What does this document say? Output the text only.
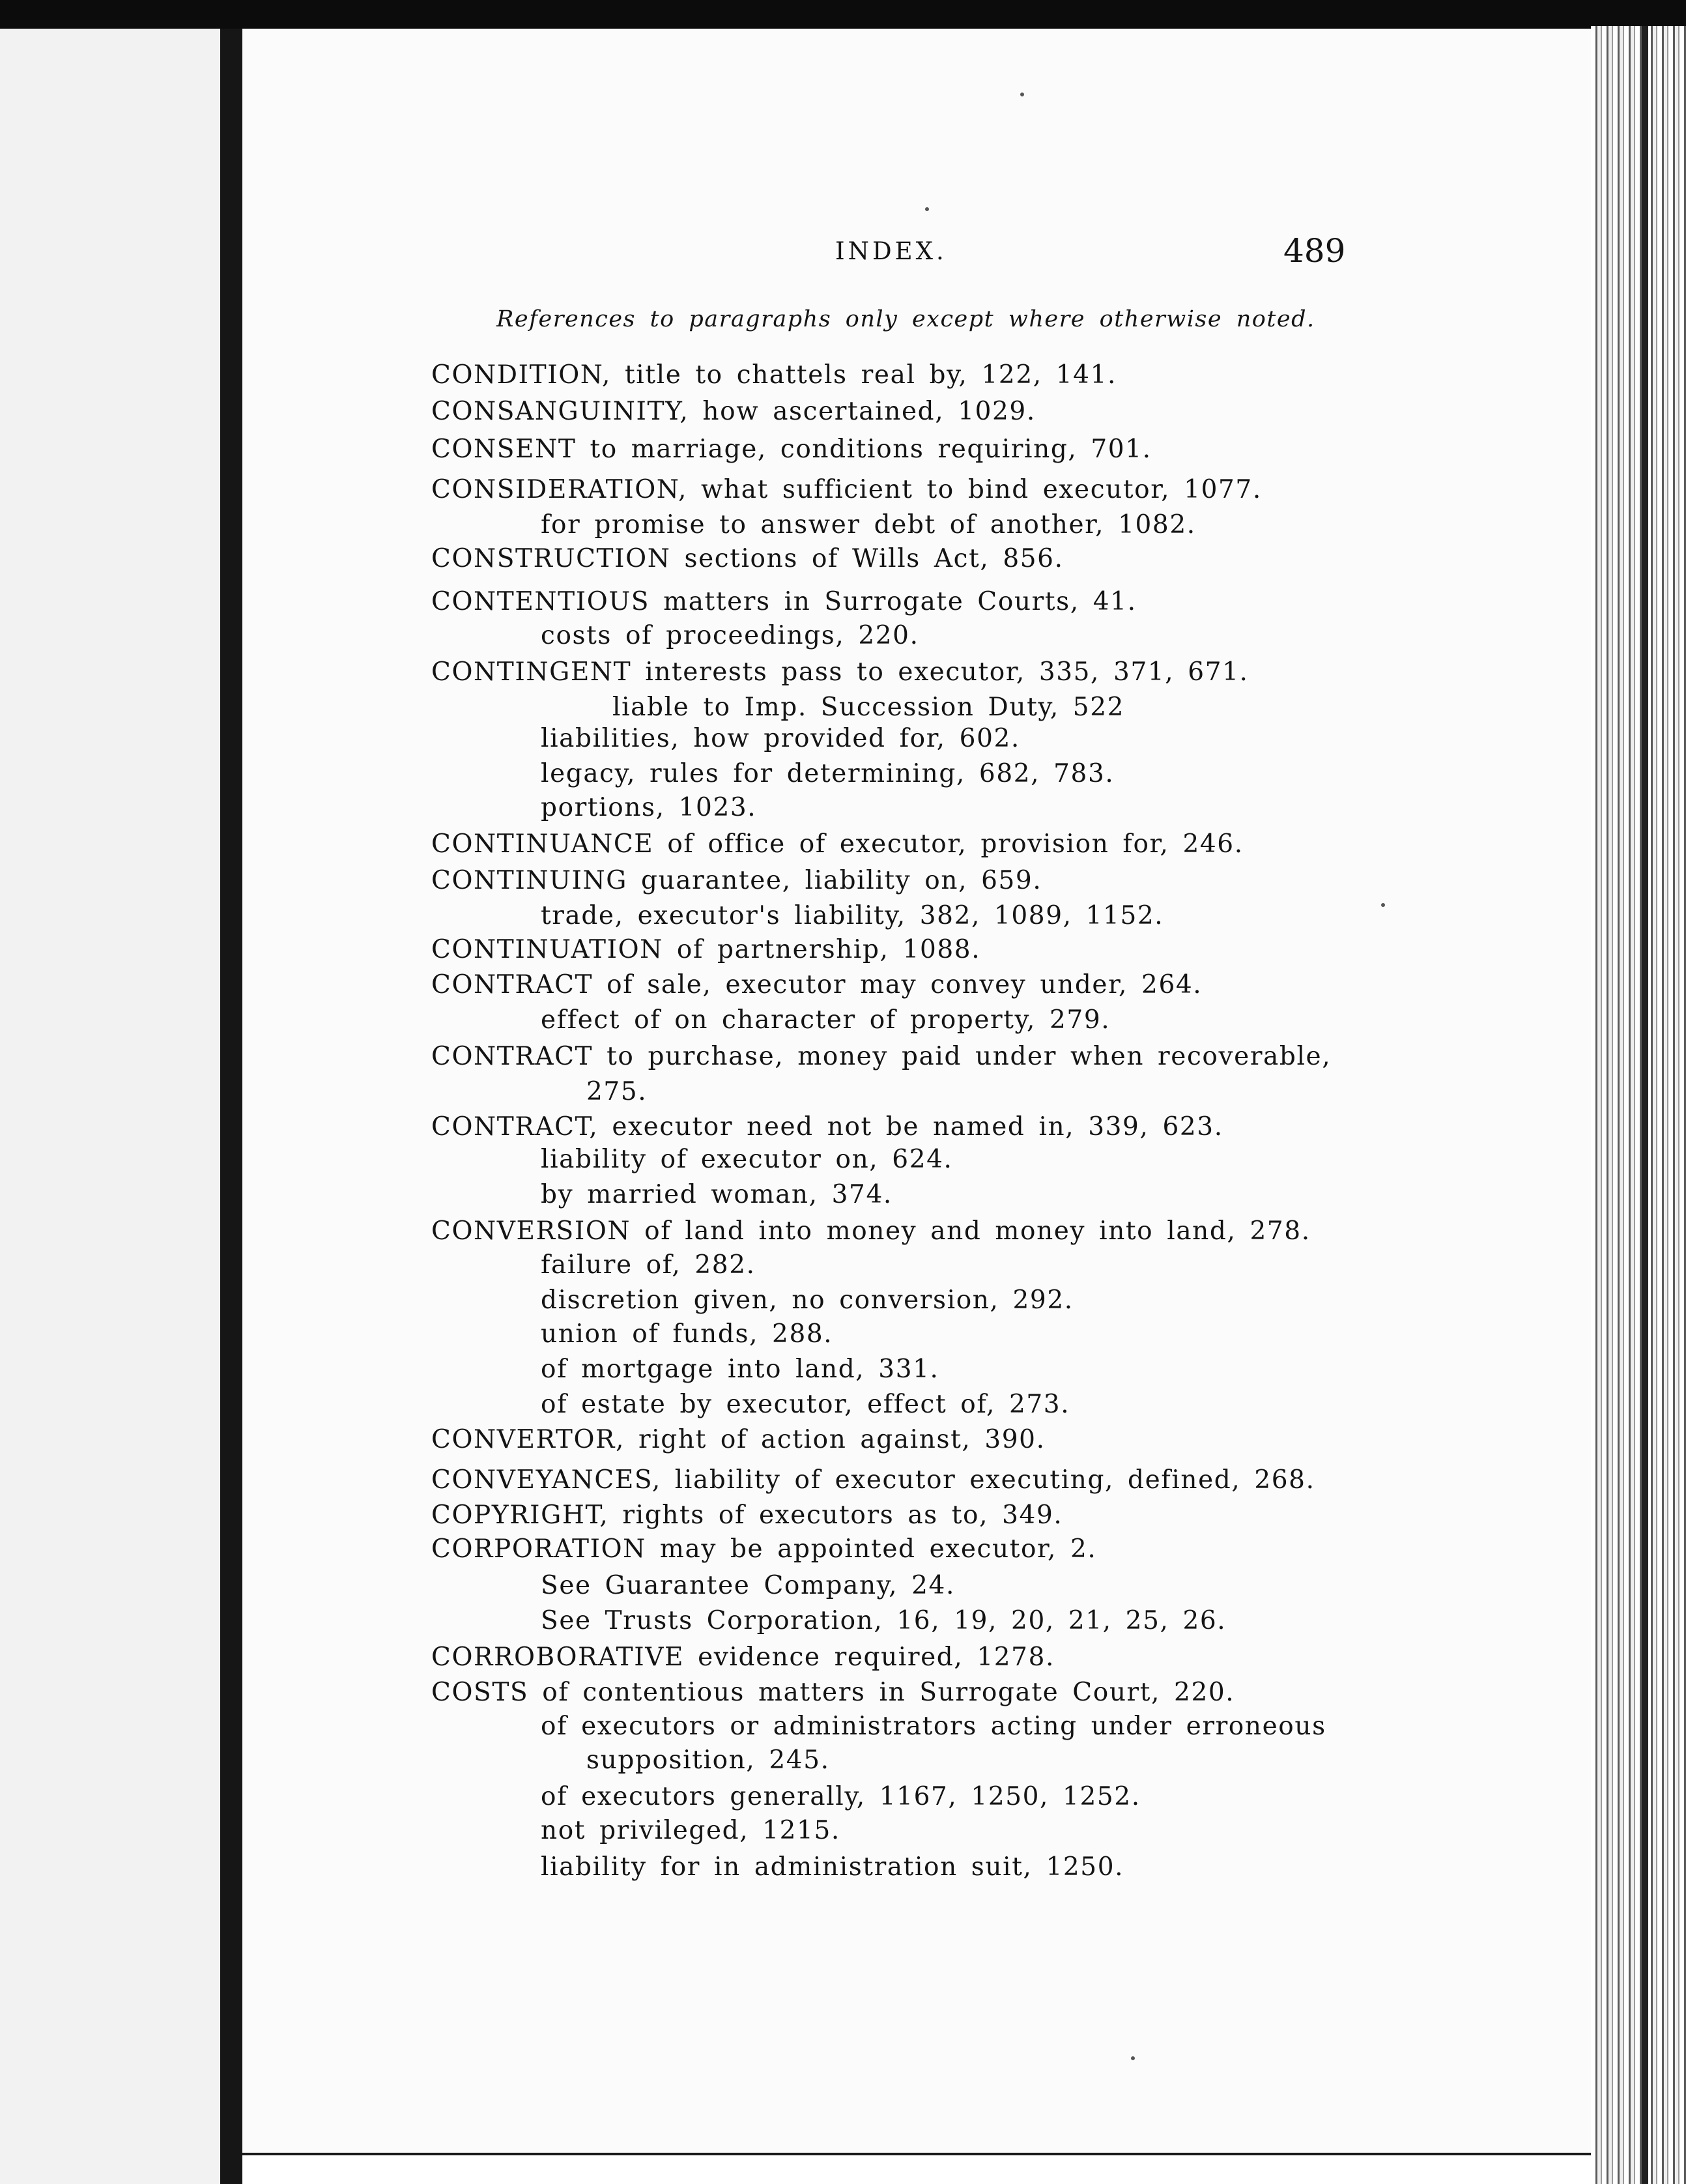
INDEX.	489

References to paragraphs only except where otherwise noted.

CONDITION, title to chattels real by, 122, 141.
CONSANGUINITY, how ascertained, 1029.
CONSENT to marriage, conditions requiring, 701.
CONSIDERATION, what sufficient to bind executor, 1077.
for promise to answer debt of another, 1082.
CONSTRUCTION sections of Wills Act, 856.
CONTENTIOUS matters in Surrogate Courts, 41.
costs of proceedings, 220.
CONTINGENT interests pass to executor, 335, 371, 671.
liable to Imp. Succession Duty, 522
liabilities, how provided for, 602.
legacy, rules for determining, 682, 783.
portions, 1023.
CONTINUANCE of office of executor, provision for, 246.
CONTINUING guarantee, liability on, 659.
trade, executor's liability, 382, 1089, 1152.
CONTINUATION of partnership, 1088.
CONTRACT of sale, executor may convey under, 264.
effect of on character of property, 279.
CONTRACT to purchase, money paid under when recoverable,
275.
CONTRACT, executor need not be named in, 339, 623.
liability of executor on, 624.
by married woman, 374.
CONVERSION of land into money and money into land, 278.
failure of, 282.
discretion given, no conversion, 292.
union of funds, 288.
of mortgage into land, 331.
of estate by executor, effect of, 273.
CONVERTOR, right of action against, 390.
CONVEYANCES, liability of executor executing, defined, 268.
COPYRIGHT, rights of executors as to, 349.
CORPORATION may be appointed executor, 2.
See Guarantee Company, 24.
See Trusts Corporation, 16, 19, 20, 21, 25, 26.
CORROBORATIVE evidence required, 1278.
COSTS of contentious matters in Surrogate Court, 220.
of executors or administrators acting under erroneous
supposition, 245.
of executors generally, 1167, 1250, 1252.
not privileged, 1215.
liability for in administration suit, 1250.
